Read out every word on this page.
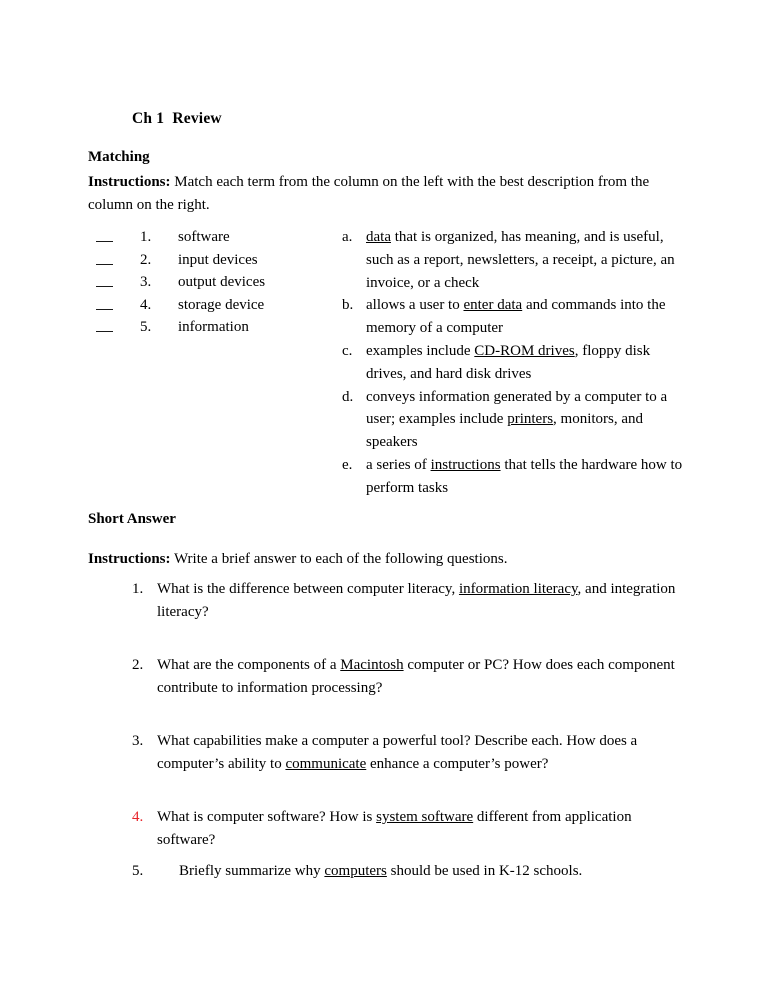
Ch 1  Review
Matching
Instructions: Match each term from the column on the left with the best description from the column on the right.
1. software
2. input devices
3. output devices
4. storage device
5. information
a. data that is organized, has meaning, and is useful, such as a report, newsletters, a receipt, a picture, an invoice, or a check
b. allows a user to enter data and commands into the memory of a computer
c. examples include CD-ROM drives, floppy disk drives, and hard disk drives
d. conveys information generated by a computer to a user; examples include printers, monitors, and speakers
e. a series of instructions that tells the hardware how to perform tasks
Short Answer
Instructions: Write a brief answer to each of the following questions.
1. What is the difference between computer literacy, information literacy, and integration literacy?
2. What are the components of a Macintosh computer or PC? How does each component contribute to information processing?
3. What capabilities make a computer a powerful tool? Describe each. How does a computer’s ability to communicate enhance a computer’s power?
4. What is computer software? How is system software different from application software?
5. Briefly summarize why computers should be used in K-12 schools.
